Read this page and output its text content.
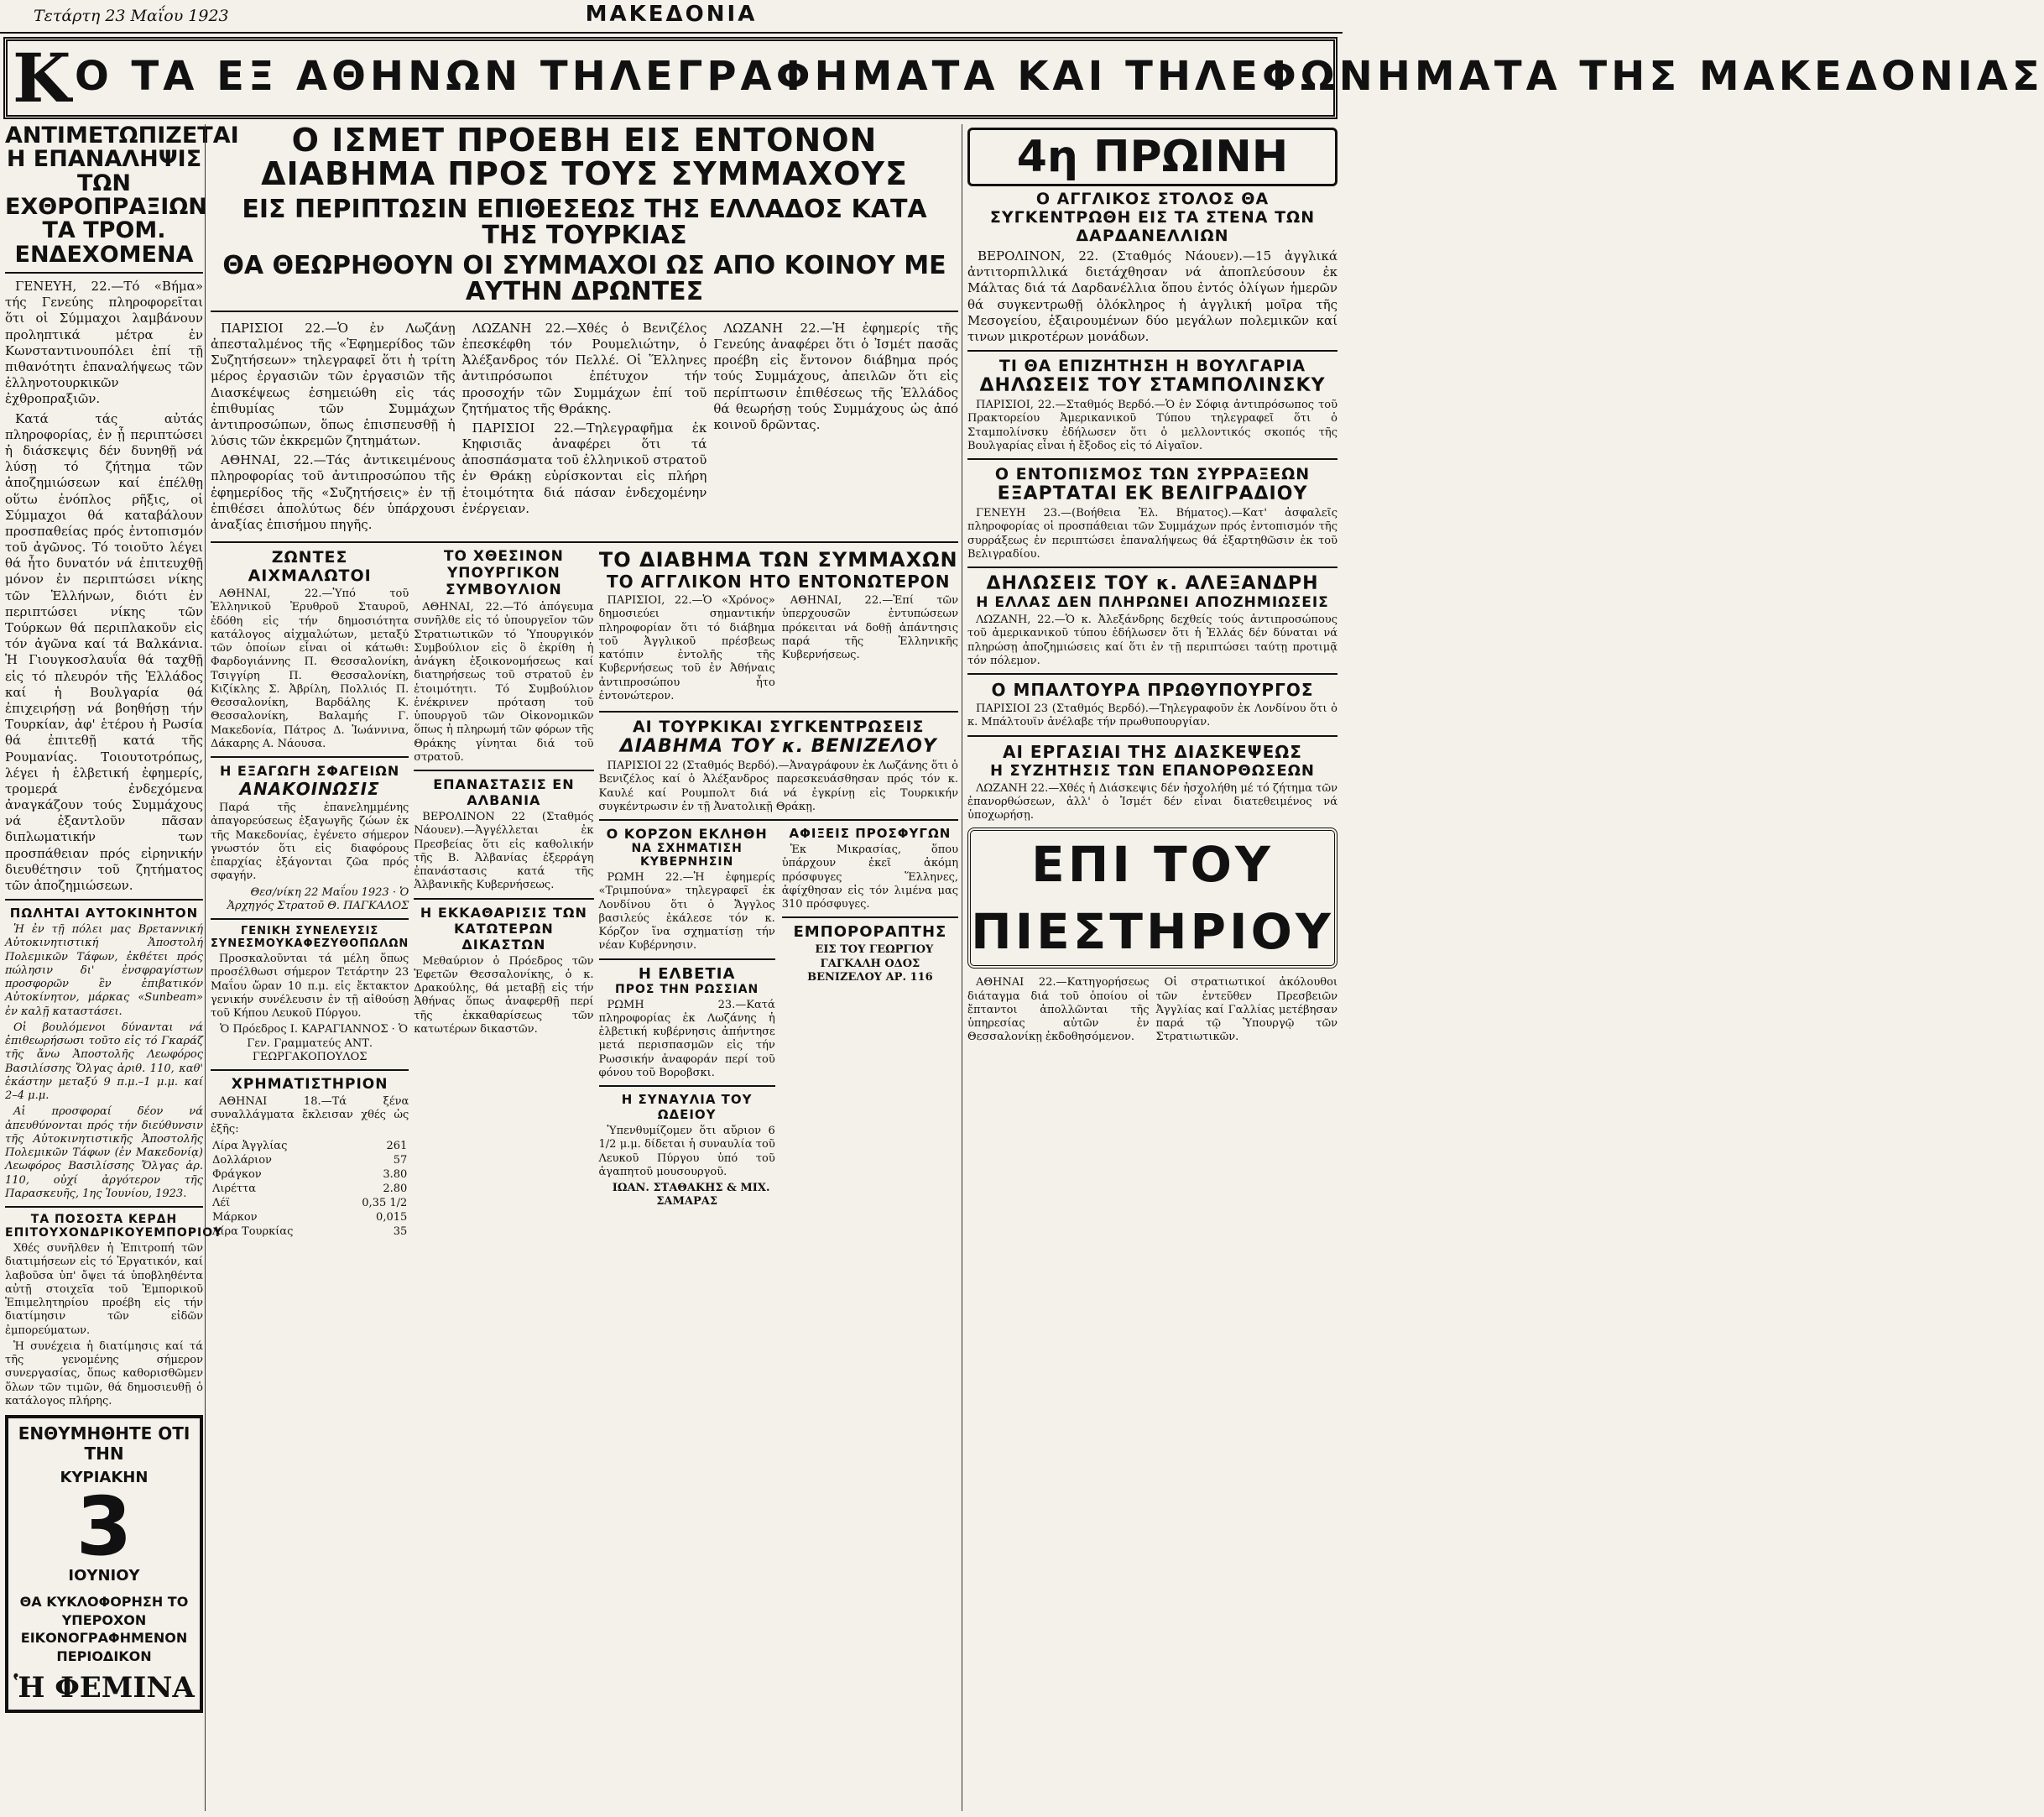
Τετάρτη 23 Μαΐου 1923	ΜΑΚΕΔΟΝΙΑ
Κ Ο ΤΑ ΕΞ ΑΘΗΝΩΝ ΤΗΛΕΓΡΑΦΗΜΑΤΑ ΚΑΙ ΤΗΛΕΦΩΝΗΜΑΤΑ ΤΗΣ ΜΑΚΕΔΟΝΙΑΣ
ΑΝΤΙΜΕΤΩΠΙΖΕΤΑΙ Η ΕΠΑΝΑΛΗΨΙΣ ΤΩΝ ΕΧΘΡΟΠΡΑΞΙΩΝ ΤΑ ΤΡΟΜ. ΕΝΔΕΧΟΜΕΝΑ

ΓΕΝΕΥΗ, 22.—Τό «Βήμα» τής Γενεύης πληροφορεῖται ὅτι οἱ Σύμμαχοι λαμβάνουν προληπτικά μέτρα ἐν Κωνσταντινουπόλει ἐπί τῇ πιθανότητι ἐπαναλήψεως τῶν ἑλληνοτουρκικῶν ἐχθροπραξιῶν.

Κατά τάς αὐτάς πληροφορίας, ἐν ᾗ περιπτώσει ἡ διάσκεψις δέν δυνηθῇ νά λύσῃ τό ζήτημα τῶν ἀποζημιώσεων καί ἐπέλθῃ οὕτω ἐνόπλος ρῆξις, οἱ Σύμμαχοι θά καταβάλουν προσπαθείας πρός ἐντοπισμόν τοῦ ἀγῶνος. Τό τοιοῦτο λέγει θά ἦτο δυνατόν νά ἐπιτευχθῇ μόνον ἐν περιπτώσει νίκης τῶν Ἑλλήνων, διότι ἐν περιπτώσει νίκης τῶν Τούρκων θά περιπλακοῦν εἰς τόν ἀγῶνα καί τά Βαλκάνια. Ἡ Γιουγκοσλαυΐα θά ταχθῇ εἰς τό πλευρόν τῆς Ἑλλάδος καί ἡ Βουλγαρία θά ἐπιχειρήσῃ νά βοηθήσῃ τήν Τουρκίαν, ἀφ' ἑτέρου ἡ Ρωσία θά ἐπιτεθῇ κατά τῆς Ρουμανίας. Τοιουτοτρόπως, λέγει ἡ ἑλβετική ἐφημερίς, τρομερά ἐνδεχόμενα ἀναγκάζουν τούς Συμμάχους νά ἐξαντλοῦν πᾶσαν διπλωματικήν των προσπάθειαν πρός εἰρηνικήν διευθέτησιν τοῦ ζητήματος τῶν ἀποζημιώσεων.

ΠΩΛΗΤΑΙ ΑΥΤΟΚΙΝΗΤΟΝ

Ἡ ἐν τῇ πόλει μας Βρεταννική Αὐτοκινητιστική Ἀποστολή Πολεμικῶν Τάφων, ἐκθέτει πρός πώλησιν δι' ἐνσφραγίστων προσφορῶν ἓν ἐπιβατικόν Αὐτοκίνητον, μάρκας «Sunbeam» ἐν καλῇ καταστάσει.

Οἱ βουλόμενοι δύνανται νά ἐπιθεωρήσωσι τοῦτο εἰς τό Γκαράζ τῆς ἄνω Ἀποστολῆς Λεωφόρος Βασιλίσσης Ὄλγας ἀριθ. 110, καθ' ἑκάστην μεταξύ 9 π.μ.–1 μ.μ. καί 2–4 μ.μ.

Αἱ προσφοραί δέον νά ἀπευθύνονται πρός τήν διεύθυνσιν τῆς Αὐτοκινητιστικῆς Ἀποστολῆς Πολεμικῶν Τάφων (ἐν Μακεδονίᾳ) Λεωφόρος Βασιλίσσης Ὄλγας ἀρ. 110, οὐχί ἀργότερον τῆς Παρασκευῆς, 1ης Ἰουνίου, 1923.

ΤΑ ΠΟΣΟΣΤΑ ΚΕΡΔΗ ΕΠΙΤΟΥΧΟΝΔΡΙΚΟΥΕΜΠΟΡΙΟΥ

Χθές συνῆλθεν ἡ Ἐπιτροπή τῶν διατιμήσεων εἰς τό Ἐργατικόν, καί λαβοῦσα ὑπ' ὄψει τά ὑποβληθέντα αὐτῇ στοιχεῖα τοῦ Ἐμπορικοῦ Ἐπιμελητηρίου προέβη εἰς τήν διατίμησιν τῶν εἰδῶν ἐμπορεύματων.

Ἡ συνέχεια ἡ διατίμησις καί τά τῆς γενομένης σήμερον συνεργασίας, ὅπως καθορισθῶμεν ὅλων τῶν τιμῶν, θά δημοσιευθῇ ὁ κατάλογος πλήρης.

ΕΝΘΥΜΗΘΗΤΕ ΟΤΙ ΤΗΝ
ΚΥΡΙΑΚΗΝ
3
ΙΟΥΝΙΟΥ
ΘΑ ΚΥΚΛΟΦΟΡΗΣΗ ΤΟ ΥΠΕΡΟΧΟΝ ΕΙΚΟΝΟΓΡΑΦΗΜΕΝΟΝ ΠΕΡΙΟΔΙΚΟΝ
Ἡ ΦΕΜΙΝΑ
Ο ΙΣΜΕΤ ΠΡΟΕΒΗ ΕΙΣ ΕΝΤΟΝΟΝ ΔΙΑΒΗΜΑ ΠΡΟΣ ΤΟΥΣ ΣΥΜΜΑΧΟΥΣ
ΕΙΣ ΠΕΡΙΠΤΩΣΙΝ ΕΠΙΘΕΣΕΩΣ ΤΗΣ ΕΛΛΑΔΟΣ ΚΑΤΑ ΤΗΣ ΤΟΥΡΚΙΑΣ
ΘΑ ΘΕΩΡΗΘΟΥΝ ΟΙ ΣΥΜΜΑΧΟΙ ΩΣ ΑΠΟ ΚΟΙΝΟΥ ΜΕ ΑΥΤΗΝ ΔΡΩΝΤΕΣ

ΠΑΡΙΣΙΟΙ 22.—Ὁ ἐν Λωζάνῃ ἀπεσταλμένος τῆς «Ἐφημερίδος τῶν Συζητήσεων» τηλεγραφεῖ ὅτι ἡ τρίτη μέρος ἐργασιῶν τῶν ἐργασιῶν τῆς Διασκέψεως ἐσημειώθη εἰς τάς ἐπιθυμίας τῶν Συμμάχων ἀντιπροσώπων, ὅπως ἐπισπευσθῇ ἡ λύσις τῶν ἐκκρεμῶν ζητημάτων.

ΑΘΗΝΑΙ, 22.—Τάς ἀντικειμένους πληροφορίας τοῦ ἀντιπροσώπου τῆς ἐφημερίδος τῆς «Συζητήσεις» ἐν τῇ ἐπιθέσει ἀπολύτως δέν ὑπάρχουσι ἀναξίας ἐπισήμου πηγῆς.

ΛΩΖΑΝΗ 22.—Χθές ὁ Βενιζέλος ἐπεσκέφθη τόν Ρουμελιώτην, ὁ Ἀλέξανδρος τόν Πελλέ. Οἱ Ἕλληνες ἀντιπρόσωποι ἐπέτυχον τήν προσοχήν τῶν Συμμάχων ἐπί τοῦ ζητήματος τῆς Θράκης.

ΠΑΡΙΣΙΟΙ 22.—Τηλεγραφῆμα ἐκ Κηφισιᾶς ἀναφέρει ὅτι τά ἀποσπάσματα τοῦ ἑλληνικοῦ στρατοῦ ἐν Θράκῃ εὑρίσκονται εἰς πλήρη ἑτοιμότητα διά πάσαν ἐνδεχομένην ἐνέργειαν.

ΛΩΖΑΝΗ 22.—Ἡ ἐφημερίς τῆς Γενεύης ἀναφέρει ὅτι ὁ Ἰσμέτ πασᾶς προέβη εἰς ἔντονον διάβημα πρός τούς Συμμάχους, ἀπειλῶν ὅτι εἰς περίπτωσιν ἐπιθέσεως τῆς Ἑλλάδος θά θεωρήσῃ τούς Συμμάχους ὡς ἀπό κοινοῦ δρῶντας.

ΖΩΝΤΕΣ ΑΙΧΜΑΛΩΤΟΙ

ΑΘΗΝΑΙ, 22.—Ὑπό τοῦ Ἑλληνικοῦ Ἐρυθροῦ Σταυροῦ, ἐδόθη εἰς τήν δημοσιότητα κατάλογος αἰχμαλώτων, μεταξύ τῶν ὁποίων εἶναι οἱ κάτωθι: Φαρδογιάννης Π. Θεσσαλονίκη, Τσιγγίρη Π. Θεσσαλονίκη, Κιζίκλης Σ. Ἀβρίλη, Πολλιός Π. Θεσσαλονίκη, Βαρδάλης Κ. Θεσσαλονίκη, Βαλαμής Γ. Μακεδονία, Πάτρος Δ. Ἰωάννινα, Δάκαρης Α. Νάουσα.

Η ΕΞΑΓΩΓΗ ΣΦΑΓΕΙΩΝ
ΑΝΑΚΟΙΝΩΣΙΣ

Παρά τῆς ἐπανεληµµένης ἀπαγορεύσεως ἐξαγωγῆς ζώων ἐκ τῆς Μακεδονίας, ἐγένετο σήμερον γνωστόν ὅτι εἰς διαφόρους ἐπαρχίας ἐξάγονται ζῶα πρός σφαγήν.

Θεσ/νίκη 22 Μαΐου 1923 · Ὁ Ἀρχηγός Στρατοῦ Θ. ΠΑΓΚΑΛΟΣ

ΓΕΝΙΚΗ ΣΥΝΕΛΕΥΣΙΣ ΣΥΝΕΣΜΟΥΚΑΦΕΖΥΘΟΠΩΛΩΝ

Προσκαλοῦνται τά μέλη ὅπως προσέλθωσι σήμερον Τετάρτην 23 Μαΐου ὥραν 10 π.μ. εἰς ἔκτακτον γενικήν συνέλευσιν ἐν τῇ αἰθούσῃ τοῦ Κήπου Λευκοῦ Πύργου.

Ὁ Πρόεδρος Ι. ΚΑΡΑΓΙΑΝΝΟΣ · Ὁ Γεν. Γραμματεύς ΑΝΤ. ΓΕΩΡΓΑΚΟΠΟΥΛΟΣ

ΧΡΗΜΑΤΙΣΤΗΡΙΟΝ

ΑΘΗΝΑΙ 18.—Τά ξένα συναλλάγματα ἔκλεισαν χθές ὡς ἑξῆς:

Λίρα Ἀγγλίας	261
Δολλάριον	57
Φράγκον	3.80
Λιρέττα	2.80
Λέϊ	0,35 1/2
Μάρκον	0,015
Λίρα Τουρκίας	35
ΤΟ ΧΘΕΣΙΝΟΝ ΥΠΟΥΡΓΙΚΟΝ ΣΥΜΒΟΥΛΙΟΝ

ΑΘΗΝΑΙ, 22.—Τό ἀπόγευμα συνῆλθε εἰς τό ὑπουργεῖον τῶν Στρατιωτικῶν τό Ὑπουργικόν Συμβούλιον εἰς ὃ ἐκρίθη ἡ ἀνάγκη ἐξοικονομήσεως καί διατηρήσεως τοῦ στρατοῦ ἐν ἑτοιμότητι. Τό Συμβούλιον ἐνέκρινεν πρόταση τοῦ ὑπουργοῦ τῶν Οἰκονομικῶν ὅπως ἡ πληρωμή τῶν φόρων τῆς Θράκης γίνηται διά τοῦ στρατοῦ.

ΕΠΑΝΑΣΤΑΣΙΣ ΕΝ ΑΛΒΑΝΙΑ

ΒΕΡΟΛΙΝΟΝ 22 (Σταθμός Νάουεν).—Ἀγγέλλεται ἐκ Πρεσβείας ὅτι εἰς καθολικήν τῆς Β. Ἀλβανίας ἐξερράγη ἐπανάστασις κατά τῆς Ἀλβανικῆς Κυβερνήσεως.

Η ΕΚΚΑΘΑΡΙΣΙΣ ΤΩΝ ΚΑΤΩΤΕΡΩΝ ΔΙΚΑΣΤΩΝ

Μεθαύριον ὁ Πρόεδρος τῶν Ἐφετῶν Θεσσαλονίκης, ὁ κ. Δρακούλης, θά μεταβῇ εἰς τήν Ἀθήνας ὅπως ἀναφερθῇ περί τῆς ἐκκαθαρίσεως τῶν κατωτέρων δικαστῶν.

ΤΟ ΔΙΑΒΗΜΑ ΤΩΝ ΣΥΜΜΑΧΩΝ
ΤΟ ΑΓΓΛΙΚΟΝ ΗΤΟ ΕΝΤΟΝΩΤΕΡΟΝ

ΠΑΡΙΣΙΟΙ, 22.—Ὁ «Χρόνος» δημοσιεύει σημαντικήν πληροφορίαν ὅτι τό διάβημα τοῦ Ἀγγλικοῦ πρέσβεως κατόπιν ἐντολῆς τῆς Κυβερνήσεως τοῦ ἐν Ἀθήναις ἀντιπροσώπου ἦτο ἐντονώτερον.

ΑΘΗΝΑΙ, 22.—Ἐπί τῶν ὑπερχουσῶν ἐντυπώσεων πρόκειται νά δοθῇ ἀπάντησις παρά τῆς Ἑλληνικῆς Κυβερνήσεως.

ΑΙ ΤΟΥΡΚΙΚΑΙ ΣΥΓΚΕΝΤΡΩΣΕΙΣ
ΔΙΑΒΗΜΑ ΤΟΥ κ. ΒΕΝΙΖΕΛΟΥ

ΠΑΡΙΣΙΟΙ 22 (Σταθμός Βερδό).—Ἀναγράφουν ἐκ Λωζάνης ὅτι ὁ Βενιζέλος καί ὁ Ἀλέξανδρος παρεσκευάσθησαν πρός τόν κ. Καυλέ καί Ρουμπολτ διά νά ἐγκρίνῃ εἰς Τουρκικήν συγκέντρωσιν ἐν τῇ Ἀνατολικῇ Θράκῃ.

Ο ΚΟΡΖΟΝ ΕΚΛΗΘΗ
ΝΑ ΣΧΗΜΑΤΙΣΗ ΚΥΒΕΡΝΗΣΙΝ

ΡΩΜΗ 22.—Ἡ ἐφημερίς «Τριμπούνα» τηλεγραφεῖ ἐκ Λονδίνου ὅτι ὁ Ἄγγλος βασιλεύς ἐκάλεσε τόν κ. Κόρζον ἵνα σχηματίσῃ τήν νέαν Κυβέρνησιν.

Η ΕΛΒΕΤΙΑ
ΠΡΟΣ ΤΗΝ ΡΩΣΣΙΑΝ

ΡΩΜΗ 23.—Κατά πληροφορίας ἐκ Λωζάνης ἡ ἑλβετική κυβέρνησις ἀπήντησε μετά περισπασμῶν εἰς τήν Ρωσσικήν ἀναφοράν περί τοῦ φόνου τοῦ Βοροβσκι.

Η ΣΥΝΑΥΛΙΑ ΤΟΥ ΩΔΕΙΟΥ

Ὑπενθυμίζομεν ὅτι αὔριον 6 1/2 μ.μ. δίδεται ἡ συναυλία τοῦ Λευκοῦ Πύργου ὑπό τοῦ ἀγαπητοῦ μουσουργοῦ.

ΙΩΑΝ. ΣΤΑΘΑΚΗΣ & ΜΙΧ. ΣΑΜΑΡΑΣ

ΑΦΙΞΕΙΣ ΠΡΟΣΦΥΓΩΝ

Ἐκ Μικρασίας, ὅπου ὑπάρχουν ἐκεῖ ἀκόμη πρόσφυγες Ἕλληνες, ἀφίχθησαν εἰς τόν λιμένα μας 310 πρόσφυγες.

ΕΜΠΟΡΟΡΑΠΤΗΣ

ΕΙΣ ΤΟΥ ΓΕΩΡΓΙΟΥ ΓΑΓΚΑΛΗ ΟΔΟΣ ΒΕΝΙΖΕΛΟΥ ΑΡ. 116

4η ΠΡΩΙΝΗ
Ο ΑΓΓΛΙΚΟΣ ΣΤΟΛΟΣ ΘΑ ΣΥΓΚΕΝΤΡΩΘΗ ΕΙΣ ΤΑ ΣΤΕΝΑ ΤΩΝ ΔΑΡΔΑΝΕΛΛΙΩΝ

ΒΕΡΟΛΙΝΟΝ, 22. (Σταθμός Νάουεν).—15 ἀγγλικά ἀντιτορπιλλικά διετάχθησαν νά ἀποπλεύσουν ἐκ Μάλτας διά τά Δαρδανέλλια ὅπου ἐντός ὀλίγων ἡμερῶν θά συγκεντρωθῇ ὁλόκληρος ἡ ἀγγλική μοῖρα τῆς Μεσογείου, ἐξαιρουμένων δύο μεγάλων πολεμικῶν καί τινων μικροτέρων μονάδων.

ΤΙ ΘΑ ΕΠΙΖΗΤΗΣΗ Η ΒΟΥΛΓΑΡΙΑ
ΔΗΛΩΣΕΙΣ ΤΟΥ ΣΤΑΜΠΟΛΙΝΣΚΥ

ΠΑΡΙΣΙΟΙ, 22.—Σταθμός Βερδό.—Ὁ ἐν Σόφιᾳ ἀντιπρόσωπος τοῦ Πρακτορείου Ἀμερικανικοῦ Τύπου τηλεγραφεῖ ὅτι ὁ Σταμπολίνσκυ ἐδήλωσεν ὅτι ὁ μελλοντικός σκοπός τῆς Βουλγαρίας εἶναι ἡ ἔξοδος εἰς τό Αἰγαῖον.

Ο ΕΝΤΟΠΙΣΜΟΣ ΤΩΝ ΣΥΡΡΑΞΕΩΝ
ΕΞΑΡΤΑΤΑΙ ΕΚ ΒΕΛΙΓΡΑΔΙΟΥ

ΓΕΝΕΥΗ 23.—(Βοήθεια Ἐλ. Βήματος).—Κατ' ἀσφαλεῖς πληροφορίας οἱ προσπάθειαι τῶν Συμμάχων πρός ἐντοπισμόν τῆς συρράξεως ἐν περιπτώσει ἐπαναλήψεως θά ἐξαρτηθῶσιν ἐκ τοῦ Βελιγραδίου.

ΔΗΛΩΣΕΙΣ ΤΟΥ κ. ΑΛΕΞΑΝΔΡΗ
Η ΕΛΛΑΣ ΔΕΝ ΠΛΗΡΩΝΕΙ ΑΠΟΖΗΜΙΩΣΕΙΣ

ΛΩΖΑΝΗ, 22.—Ὁ κ. Ἀλεξάνδρης δεχθείς τούς ἀντιπροσώπους τοῦ ἀμερικανικοῦ τύπου ἐδήλωσεν ὅτι ἡ Ἑλλάς δέν δύναται νά πληρώσῃ ἀποζημιώσεις καί ὅτι ἐν τῇ περιπτώσει ταύτῃ προτιμᾷ τόν πόλεμον.

Ο ΜΠΑΛΤΟΥΡΑ ΠΡΩΘΥΠΟΥΡΓΟΣ

ΠΑΡΙΣΙΟΙ 23 (Σταθμός Βερδό).—Τηλεγραφοῦν ἐκ Λονδίνου ὅτι ὁ κ. Μπάλτουϊν ἀνέλαβε τήν πρωθυπουργίαν.

ΑΙ ΕΡΓΑΣΙΑΙ ΤΗΣ ΔΙΑΣΚΕΨΕΩΣ
Η ΣΥΖΗΤΗΣΙΣ ΤΩΝ ΕΠΑΝΟΡΘΩΣΕΩΝ

ΛΩΖΑΝΗ 22.—Χθές ἡ Διάσκεψις δέν ἠσχολήθη μέ τό ζήτημα τῶν ἐπανορθώσεων, ἀλλ' ὁ Ἰσμέτ δέν εἶναι διατεθειμένος νά ὑποχωρήσῃ.

ΕΠΙ ΤΟΥ ΠΙΕΣΤΗΡΙΟΥ

ΑΘΗΝΑΙ 22.—Κατηγορήσεως διάταγμα διά τοῦ ὁποίου οἱ ἔπταντοι ἀπολλῶνται τῆς ὑπηρεσίας αὐτῶν ἐν Θεσσαλονίκῃ ἐκδοθησόμενον.

Οἱ στρατιωτικοί ἀκόλουθοι τῶν ἐντεῦθεν Πρεσβειῶν Ἀγγλίας καί Γαλλίας μετέβησαν παρά τῷ Ὑπουργῷ τῶν Στρατιωτικῶν.
